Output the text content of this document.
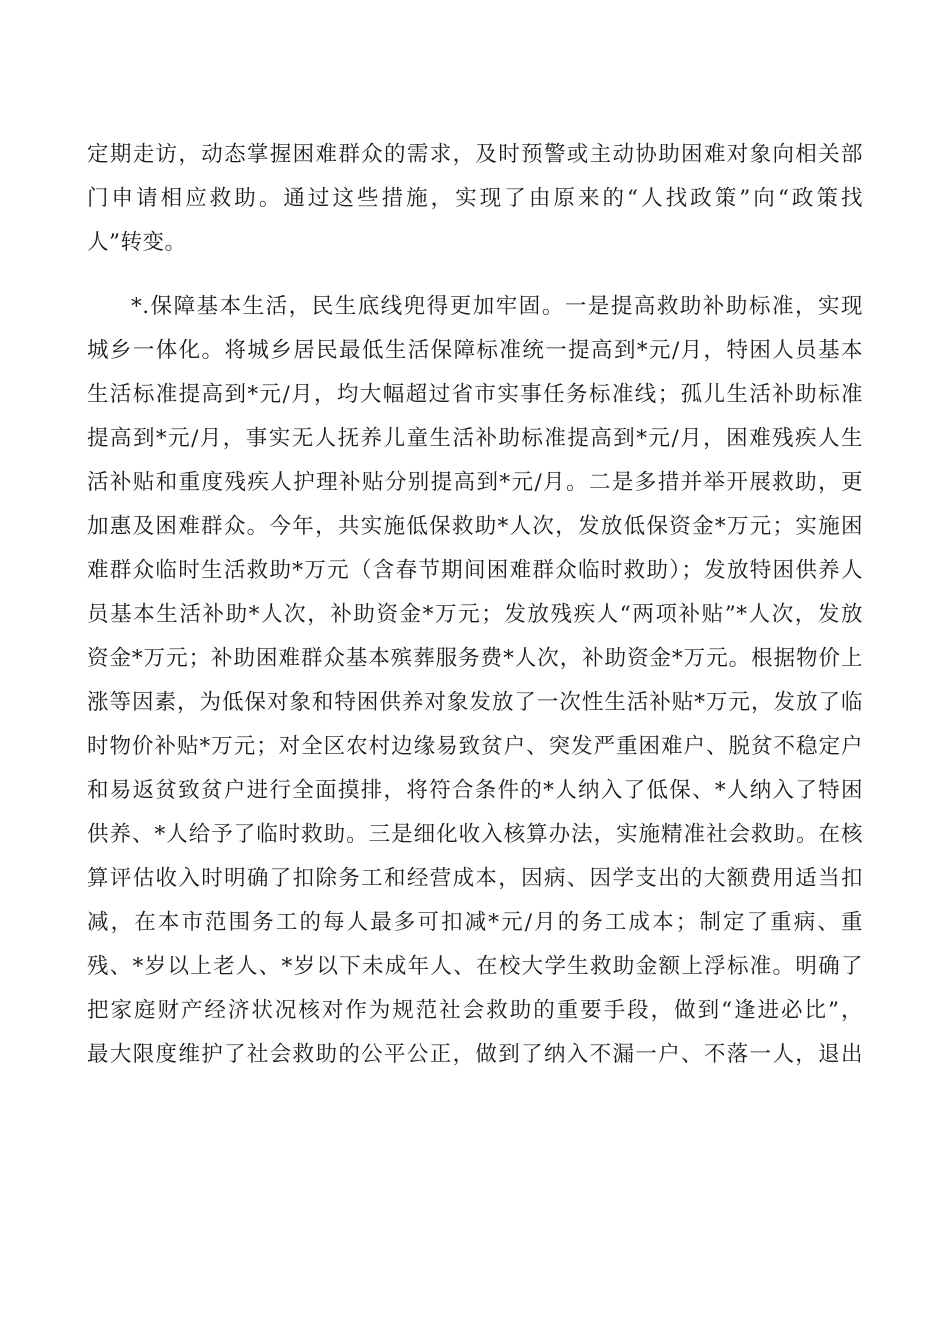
定期走访，动态掌握困难群众的需求，及时预警或主动协助困难对象向相关部
门申请相应救助。通过这些措施，实现了由原来的“人找政策”向“政策找
人”转变。
*.保障基本生活，民生底线兜得更加牢固。一是提高救助补助标准，实现
城乡一体化。将城乡居民最低生活保障标准统一提高到*元/月，特困人员基本
生活标准提高到*元/月，均大幅超过省市实事任务标准线；孤儿生活补助标准
提高到*元/月，事实无人抚养儿童生活补助标准提高到*元/月，困难残疾人生
活补贴和重度残疾人护理补贴分别提高到*元/月。二是多措并举开展救助，更
加惠及困难群众。今年，共实施低保救助*人次，发放低保资金*万元；实施困
难群众临时生活救助*万元（含春节期间困难群众临时救助）；发放特困供养人
员基本生活补助*人次，补助资金*万元；发放残疾人“两项补贴”*人次，发放
资金*万元；补助困难群众基本殡葬服务费*人次，补助资金*万元。根据物价上
涨等因素，为低保对象和特困供养对象发放了一次性生活补贴*万元，发放了临
时物价补贴*万元；对全区农村边缘易致贫户、突发严重困难户、脱贫不稳定户
和易返贫致贫户进行全面摸排，将符合条件的*人纳入了低保、*人纳入了特困
供养、*人给予了临时救助。三是细化收入核算办法，实施精准社会救助。在核
算评估收入时明确了扣除务工和经营成本，因病、因学支出的大额费用适当扣
减，在本市范围务工的每人最多可扣减*元/月的务工成本；制定了重病、重
残、*岁以上老人、*岁以下未成年人、在校大学生救助金额上浮标准。明确了
把家庭财产经济状况核对作为规范社会救助的重要手段，做到“逢进必比”，
最大限度维护了社会救助的公平公正，做到了纳入不漏一户、不落一人，退出
